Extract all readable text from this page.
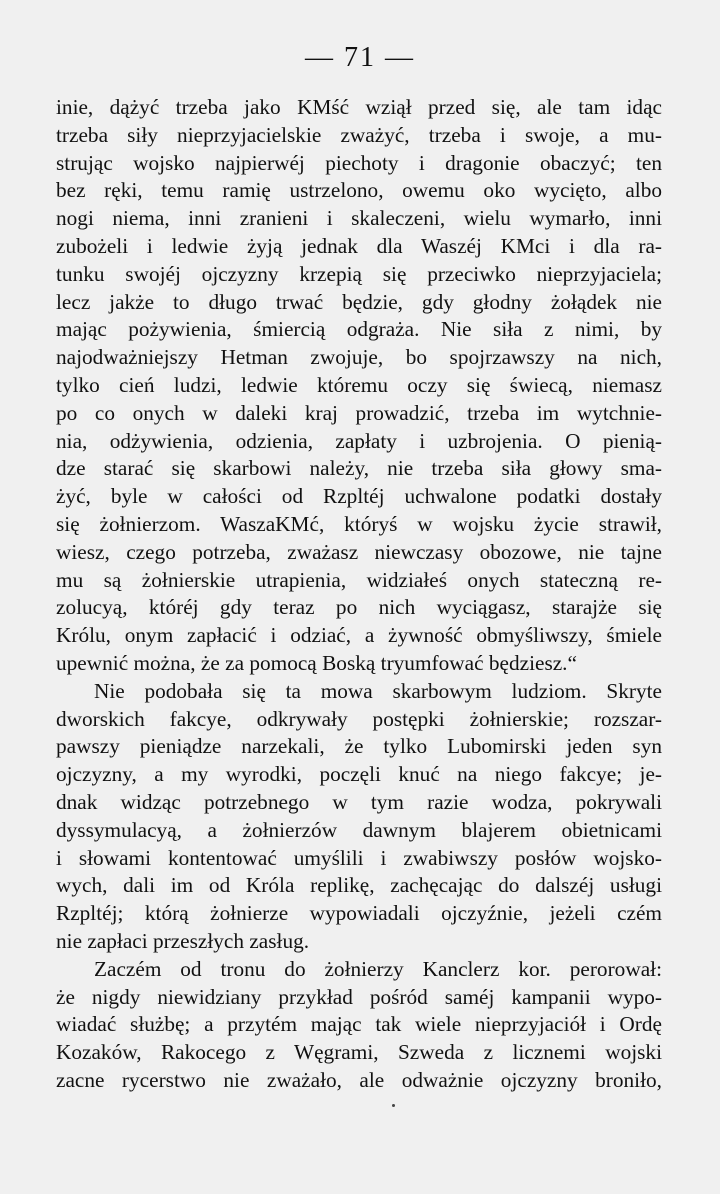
— 71 —
inie, dążyć trzeba jako KMść wziął przed się, ale tam idąc
trzeba siły nieprzyjacielskie zważyć, trzeba i swoje, a mu-
strując wojsko najpierwéj piechoty i dragonie obaczyć; ten
bez ręki, temu ramię ustrzelono, owemu oko wycięto, albo
nogi niema, inni zranieni i skaleczeni, wielu wymarło, inni
zubożeli i ledwie żyją jednak dla Waszéj KMci i dla ra-
tunku swojéj ojczyzny krzepią się przeciwko nieprzyjaciela;
lecz jakże to długo trwać będzie, gdy głodny żołądek nie
mając pożywienia, śmiercią odgraża. Nie siła z nimi, by
najodważniejszy Hetman zwojuje, bo spojrzawszy na nich,
tylko cień ludzi, ledwie któremu oczy się świecą, niemasz
po co onych w daleki kraj prowadzić, trzeba im wytchnie-
nia, odżywienia, odzienia, zapłaty i uzbrojenia. O pienią-
dze starać się skarbowi należy, nie trzeba siła głowy sma-
żyć, byle w całości od Rzpltéj uchwalone podatki dostały
się żołnierzom. WaszaKMć, któryś w wojsku życie strawił,
wiesz, czego potrzeba, zważasz niewczasy obozowe, nie tajne
mu są żołnierskie utrapienia, widziałeś onych stateczną re-
zolucyą, któréj gdy teraz po nich wyciągasz, starajże się
Królu, onym zapłacić i odziać, a żywność obmyśliwszy, śmiele
upewnić można, że za pomocą Boską tryumfować będziesz.“
Nie podobała się ta mowa skarbowym ludziom. Skryte
dworskich fakcye, odkrywały postępki żołnierskie; rozszar-
pawszy pieniądze narzekali, że tylko Lubomirski jeden syn
ojczyzny, a my wyrodki, poczęli knuć na niego fakcye; je-
dnak widząc potrzebnego w tym razie wodza, pokrywali
dyssymulacyą, a żołnierzów dawnym blajerem obietnicami
i słowami kontentować umyślili i zwabiwszy posłów wojsko-
wych, dali im od Króla replikę, zachęcając do dalszéj usługi
Rzpltéj; którą żołnierze wypowiadali ojczyźnie, jeżeli czém
nie zapłaci przeszłych zasług.
Zaczém od tronu do żołnierzy Kanclerz kor. perorował:
że nigdy niewidziany przykład pośród saméj kampanii wypo-
wiadać służbę; a przytém mając tak wiele nieprzyjaciół i Ordę
Kozaków, Rakocego z Węgrami, Szweda z licznemi wojski
zacne rycerstwo nie zważało, ale odważnie ojczyzny broniło,
